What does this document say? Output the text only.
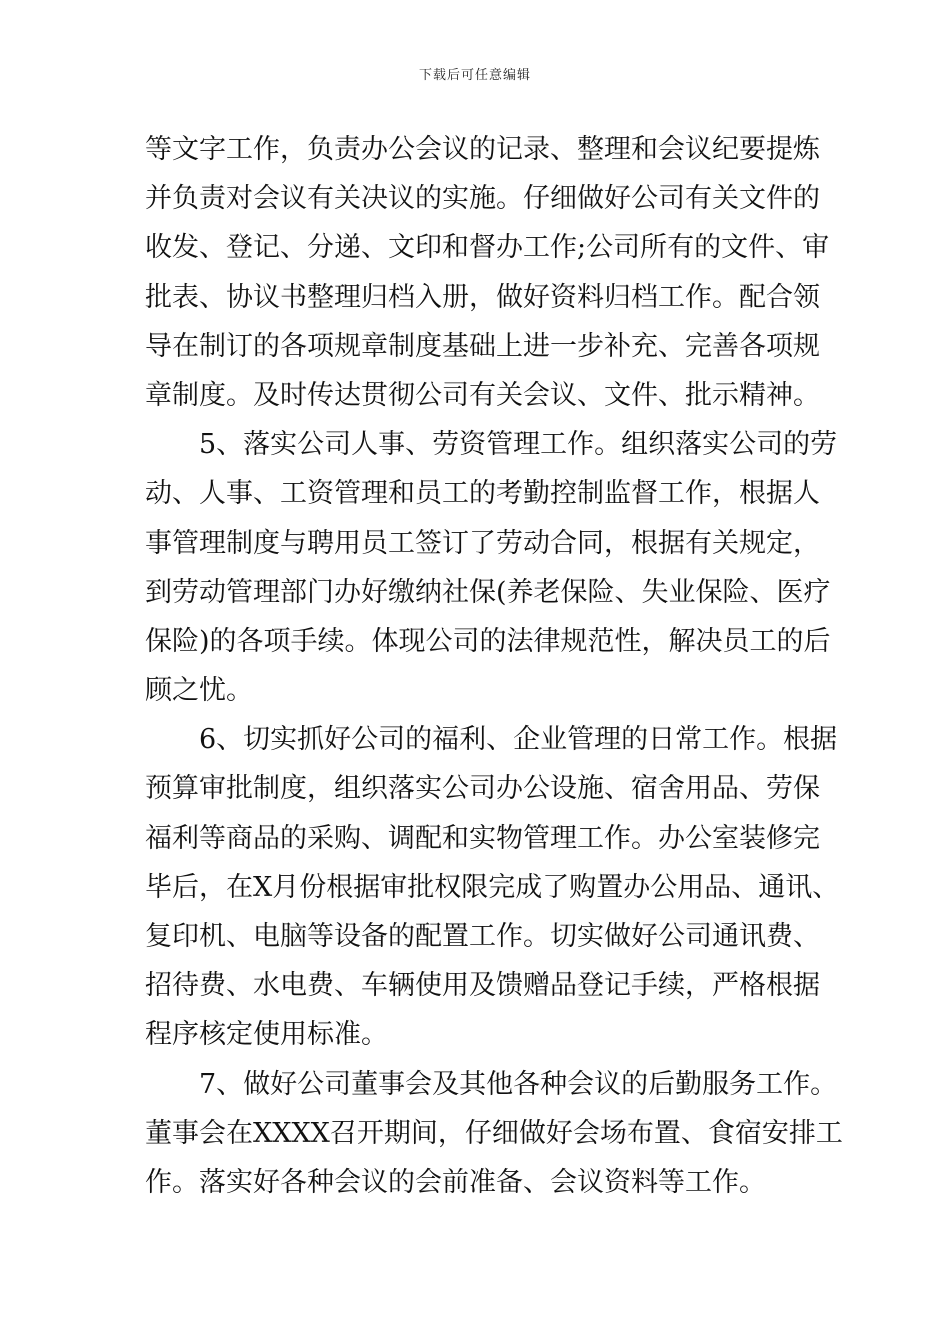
下载后可任意编辑
等文字工作，负责办公会议的记录、整理和会议纪要提炼
并负责对会议有关决议的实施。仔细做好公司有关文件的
收发、登记、分递、文印和督办工作;公司所有的文件、审
批表、协议书整理归档入册，做好资料归档工作。配合领
导在制订的各项规章制度基础上进一步补充、完善各项规
章制度。及时传达贯彻公司有关会议、文件、批示精神。
5、落实公司人事、劳资管理工作。组织落实公司的劳
动、人事、工资管理和员工的考勤控制监督工作，根据人
事管理制度与聘用员工签订了劳动合同，根据有关规定，
到劳动管理部门办好缴纳社保(养老保险、失业保险、医疗
保险)的各项手续。体现公司的法律规范性，解决员工的后
顾之忧。
6、切实抓好公司的福利、企业管理的日常工作。根据
预算审批制度，组织落实公司办公设施、宿舍用品、劳保
福利等商品的采购、调配和实物管理工作。办公室装修完
毕后，在X月份根据审批权限完成了购置办公用品、通讯、
复印机、电脑等设备的配置工作。切实做好公司通讯费、
招待费、水电费、车辆使用及馈赠品登记手续，严格根据
程序核定使用标准。
7、做好公司董事会及其他各种会议的后勤服务工作。
董事会在XXXX召开期间，仔细做好会场布置、食宿安排工
作。落实好各种会议的会前准备、会议资料等工作。
